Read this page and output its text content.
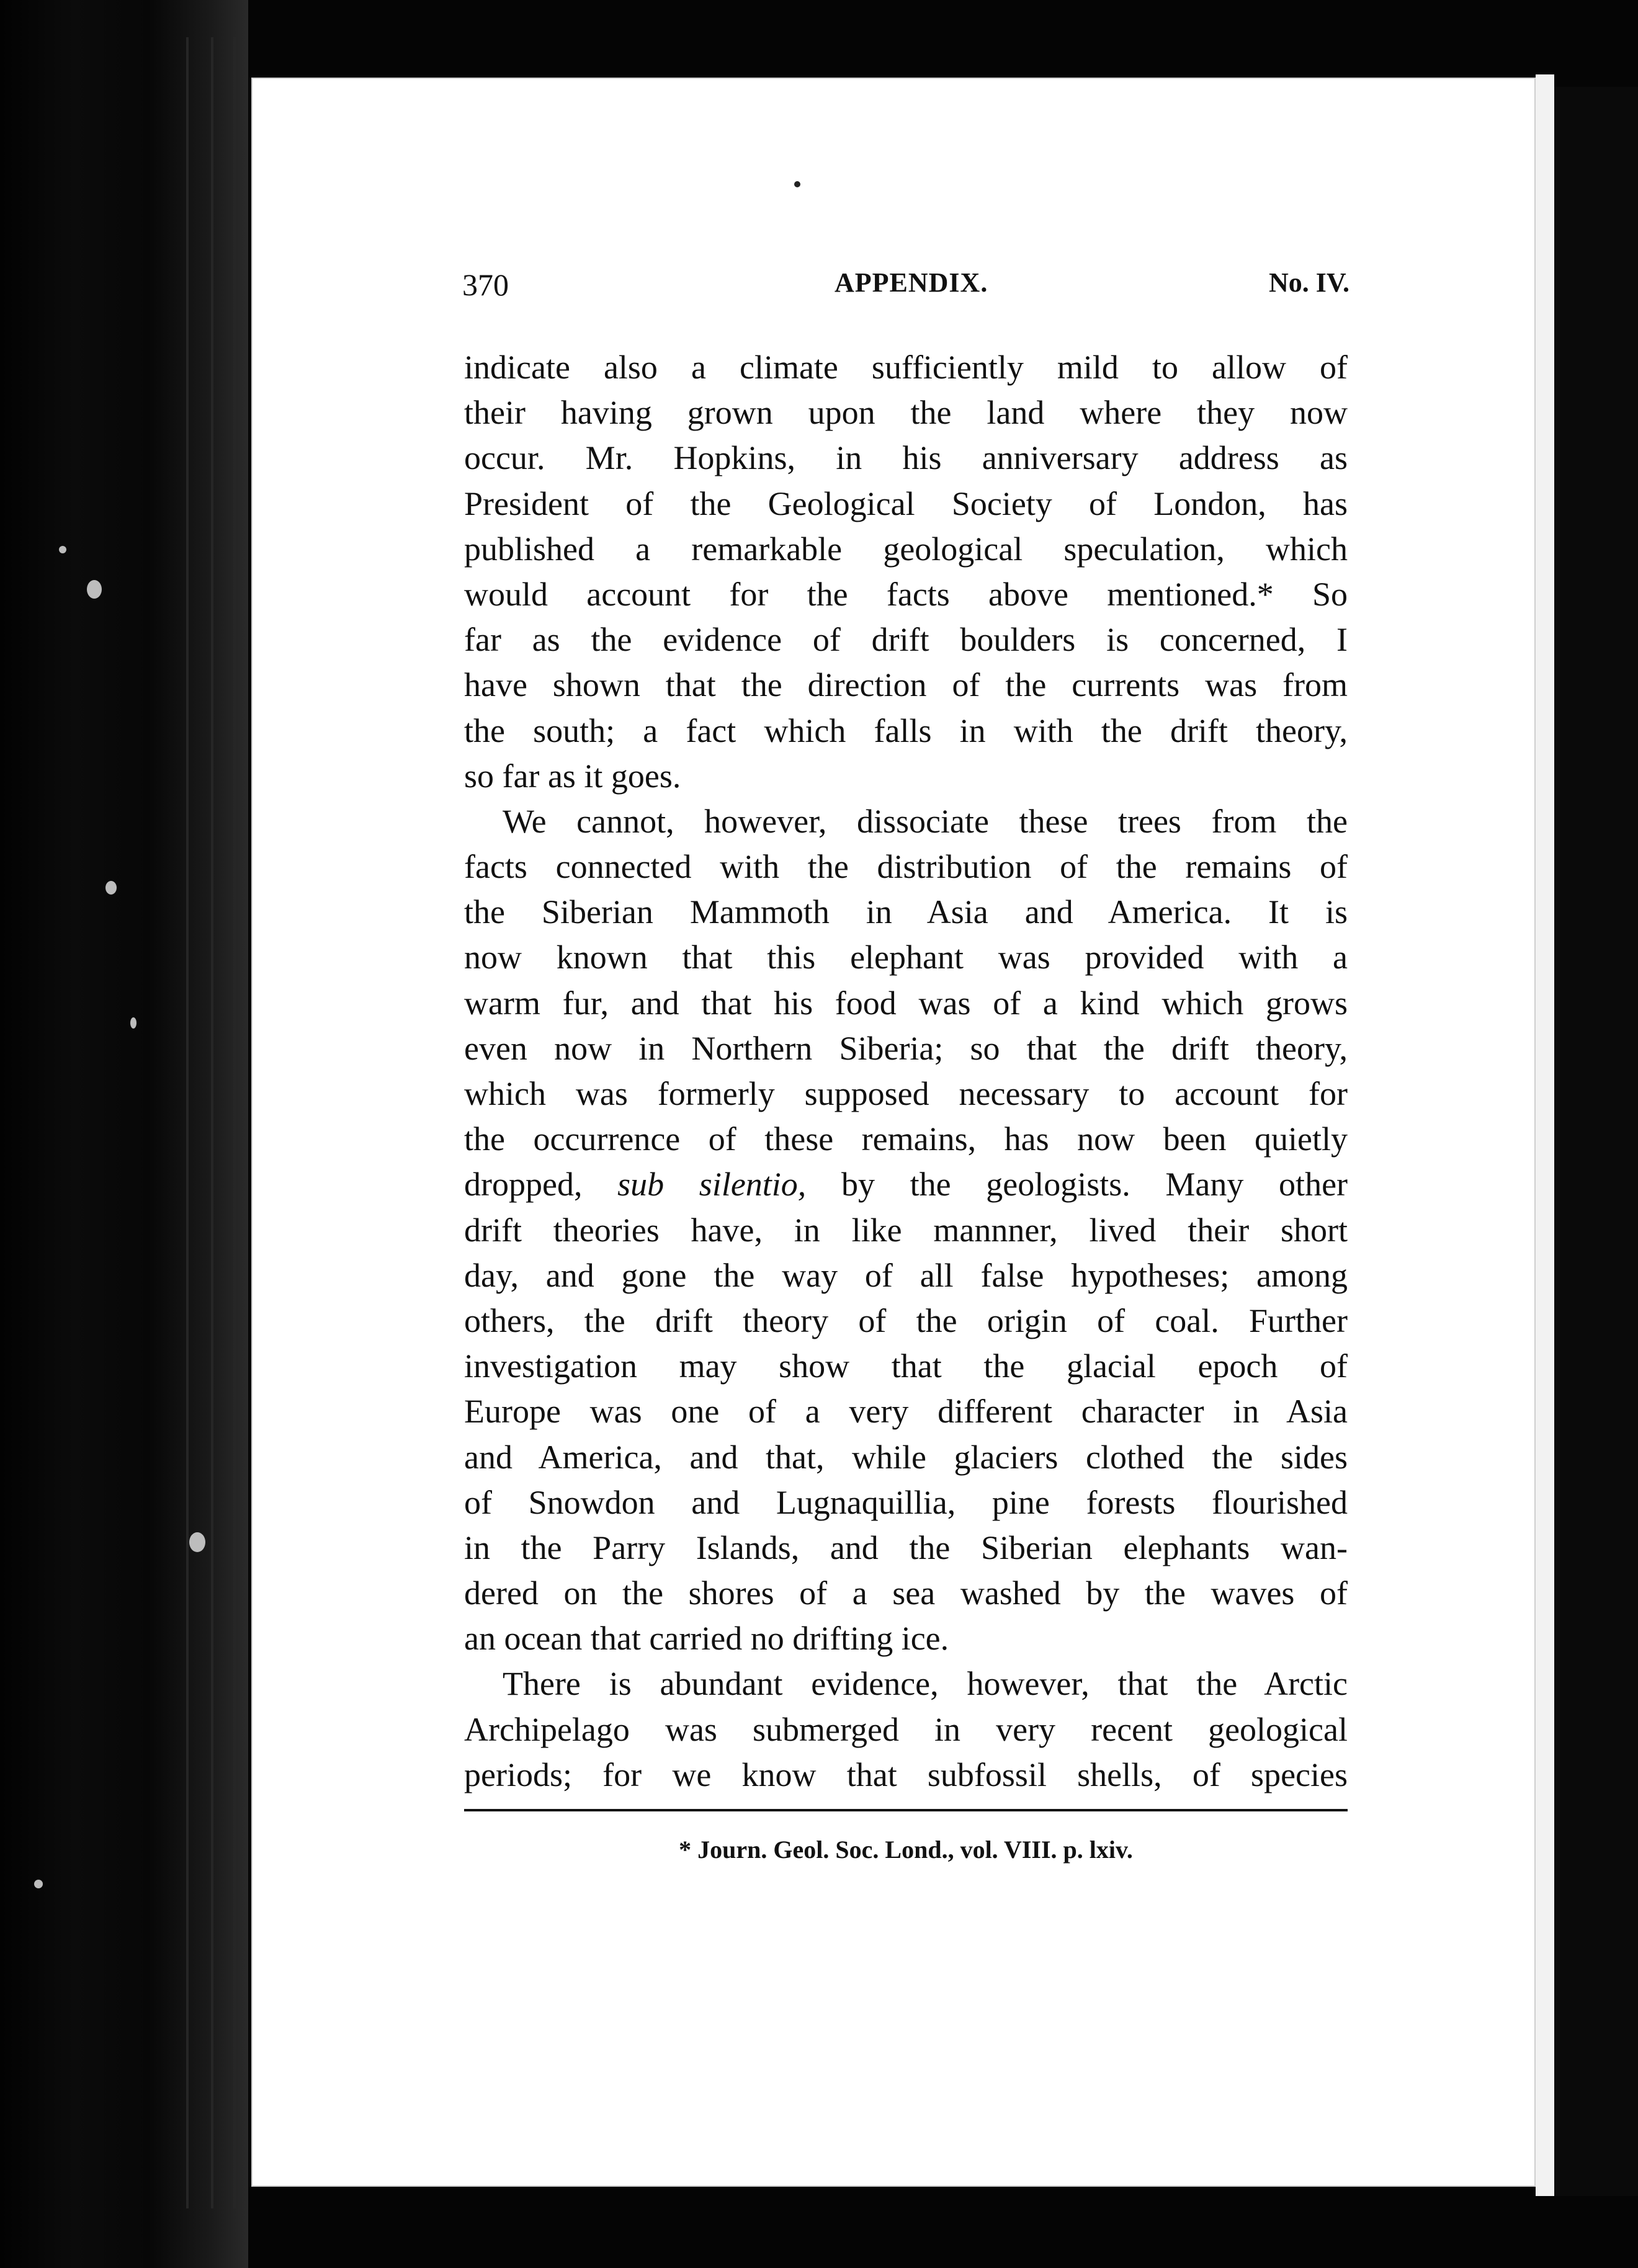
370	APPENDIX.	No. IV.
indicate also a climate sufficiently mild to allow of
their having grown upon the land where they now
occur. Mr. Hopkins, in his anniversary address as
President of the Geological Society of London, has
published a remarkable geological speculation, which
would account for the facts above mentioned.* So
far as the evidence of drift boulders is concerned, I
have shown that the direction of the currents was from
the south; a fact which falls in with the drift theory,
so far as it goes.
We cannot, however, dissociate these trees from the
facts connected with the distribution of the remains of
the Siberian Mammoth in Asia and America. It is
now known that this elephant was provided with a
warm fur, and that his food was of a kind which grows
even now in Northern Siberia; so that the drift theory,
which was formerly supposed necessary to account for
the occurrence of these remains, has now been quietly
dropped, sub silentio, by the geologists. Many other
drift theories have, in like mannner, lived their short
day, and gone the way of all false hypotheses; among
others, the drift theory of the origin of coal. Further
investigation may show that the glacial epoch of
Europe was one of a very different character in Asia
and America, and that, while glaciers clothed the sides
of Snowdon and Lugnaquillia, pine forests flourished
in the Parry Islands, and the Siberian elephants wan-
dered on the shores of a sea washed by the waves of
an ocean that carried no drifting ice.
There is abundant evidence, however, that the Arctic
Archipelago was submerged in very recent geological
periods; for we know that subfossil shells, of species
* Journ. Geol. Soc. Lond., vol. VIII. p. lxiv.
